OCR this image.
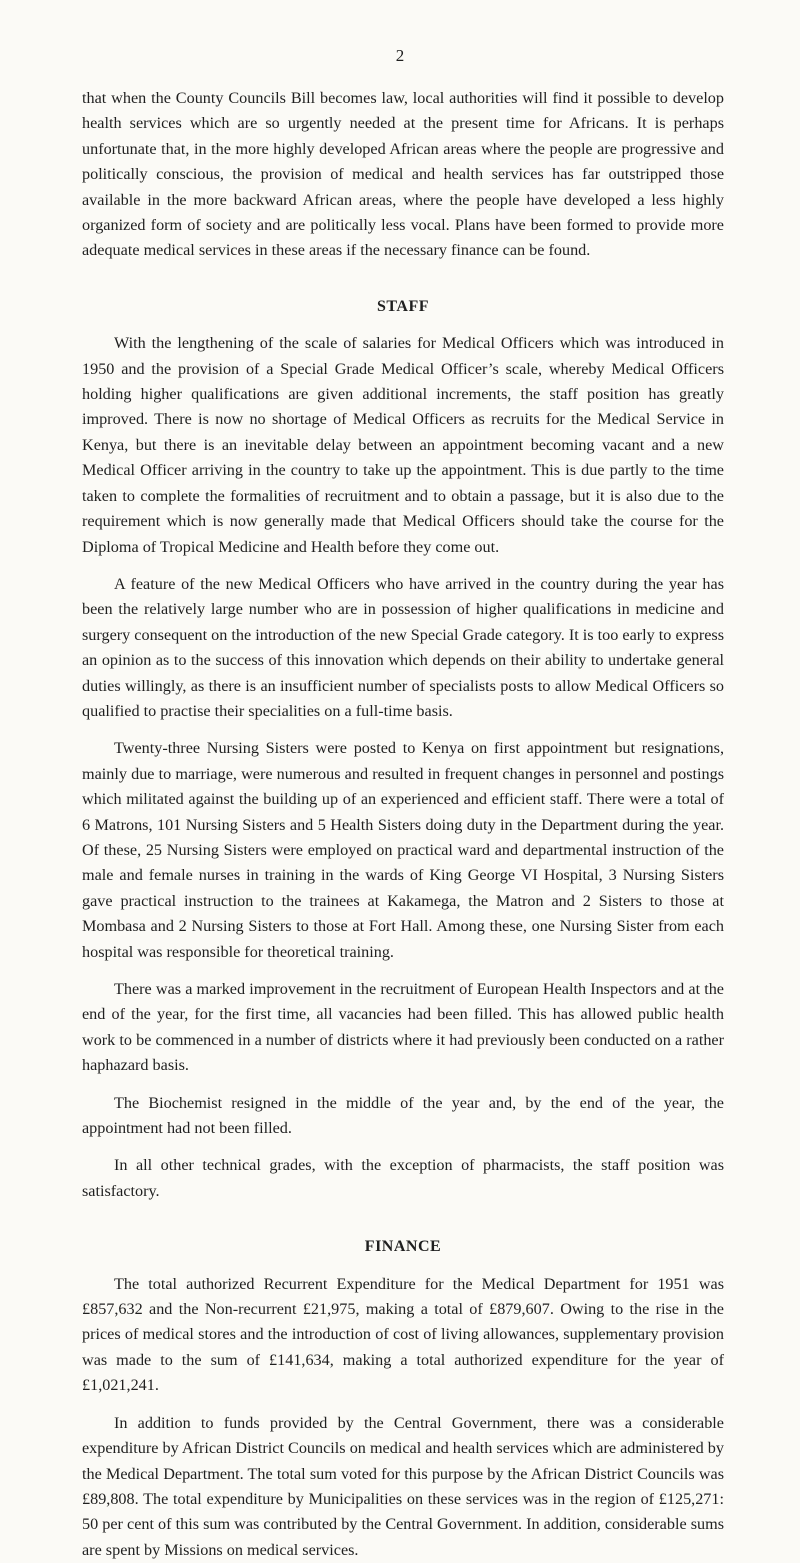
2

that when the County Councils Bill becomes law, local authorities will find it possible to develop health services which are so urgently needed at the present time for Africans. It is perhaps unfortunate that, in the more highly developed African areas where the people are progressive and politically conscious, the provision of medical and health services has far outstripped those available in the more backward African areas, where the people have developed a less highly organized form of society and are politically less vocal. Plans have been formed to provide more adequate medical services in these areas if the necessary finance can be found.

STAFF

With the lengthening of the scale of salaries for Medical Officers which was introduced in 1950 and the provision of a Special Grade Medical Officer’s scale, whereby Medical Officers holding higher qualifications are given additional increments, the staff position has greatly improved. There is now no shortage of Medical Officers as recruits for the Medical Service in Kenya, but there is an inevitable delay between an appointment becoming vacant and a new Medical Officer arriving in the country to take up the appointment. This is due partly to the time taken to complete the formalities of recruitment and to obtain a passage, but it is also due to the requirement which is now generally made that Medical Officers should take the course for the Diploma of Tropical Medicine and Health before they come out.

A feature of the new Medical Officers who have arrived in the country during the year has been the relatively large number who are in possession of higher qualifications in medicine and surgery consequent on the introduction of the new Special Grade category. It is too early to express an opinion as to the success of this innovation which depends on their ability to undertake general duties willingly, as there is an insufficient number of specialists posts to allow Medical Officers so qualified to practise their specialities on a full-time basis.

Twenty-three Nursing Sisters were posted to Kenya on first appointment but resignations, mainly due to marriage, were numerous and resulted in frequent changes in personnel and postings which militated against the building up of an experienced and efficient staff. There were a total of 6 Matrons, 101 Nursing Sisters and 5 Health Sisters doing duty in the Department during the year. Of these, 25 Nursing Sisters were employed on practical ward and departmental instruction of the male and female nurses in training in the wards of King George VI Hospital, 3 Nursing Sisters gave practical instruction to the trainees at Kakamega, the Matron and 2 Sisters to those at Mombasa and 2 Nursing Sisters to those at Fort Hall. Among these, one Nursing Sister from each hospital was responsible for theoretical training.

There was a marked improvement in the recruitment of European Health Inspectors and at the end of the year, for the first time, all vacancies had been filled. This has allowed public health work to be commenced in a number of districts where it had previously been conducted on a rather haphazard basis.

The Biochemist resigned in the middle of the year and, by the end of the year, the appointment had not been filled.

In all other technical grades, with the exception of pharmacists, the staff position was satisfactory.

FINANCE

The total authorized Recurrent Expenditure for the Medical Department for 1951 was £857,632 and the Non-recurrent £21,975, making a total of £879,607. Owing to the rise in the prices of medical stores and the introduction of cost of living allowances, supplementary provision was made to the sum of £141,634, making a total authorized expenditure for the year of £1,021,241.

In addition to funds provided by the Central Government, there was a considerable expenditure by African District Councils on medical and health services which are administered by the Medical Department. The total sum voted for this purpose by the African District Councils was £89,808. The total expenditure by Municipalities on these services was in the region of £125,271: 50 per cent of this sum was contributed by the Central Government. In addition, considerable sums are spent by Missions on medical services.
